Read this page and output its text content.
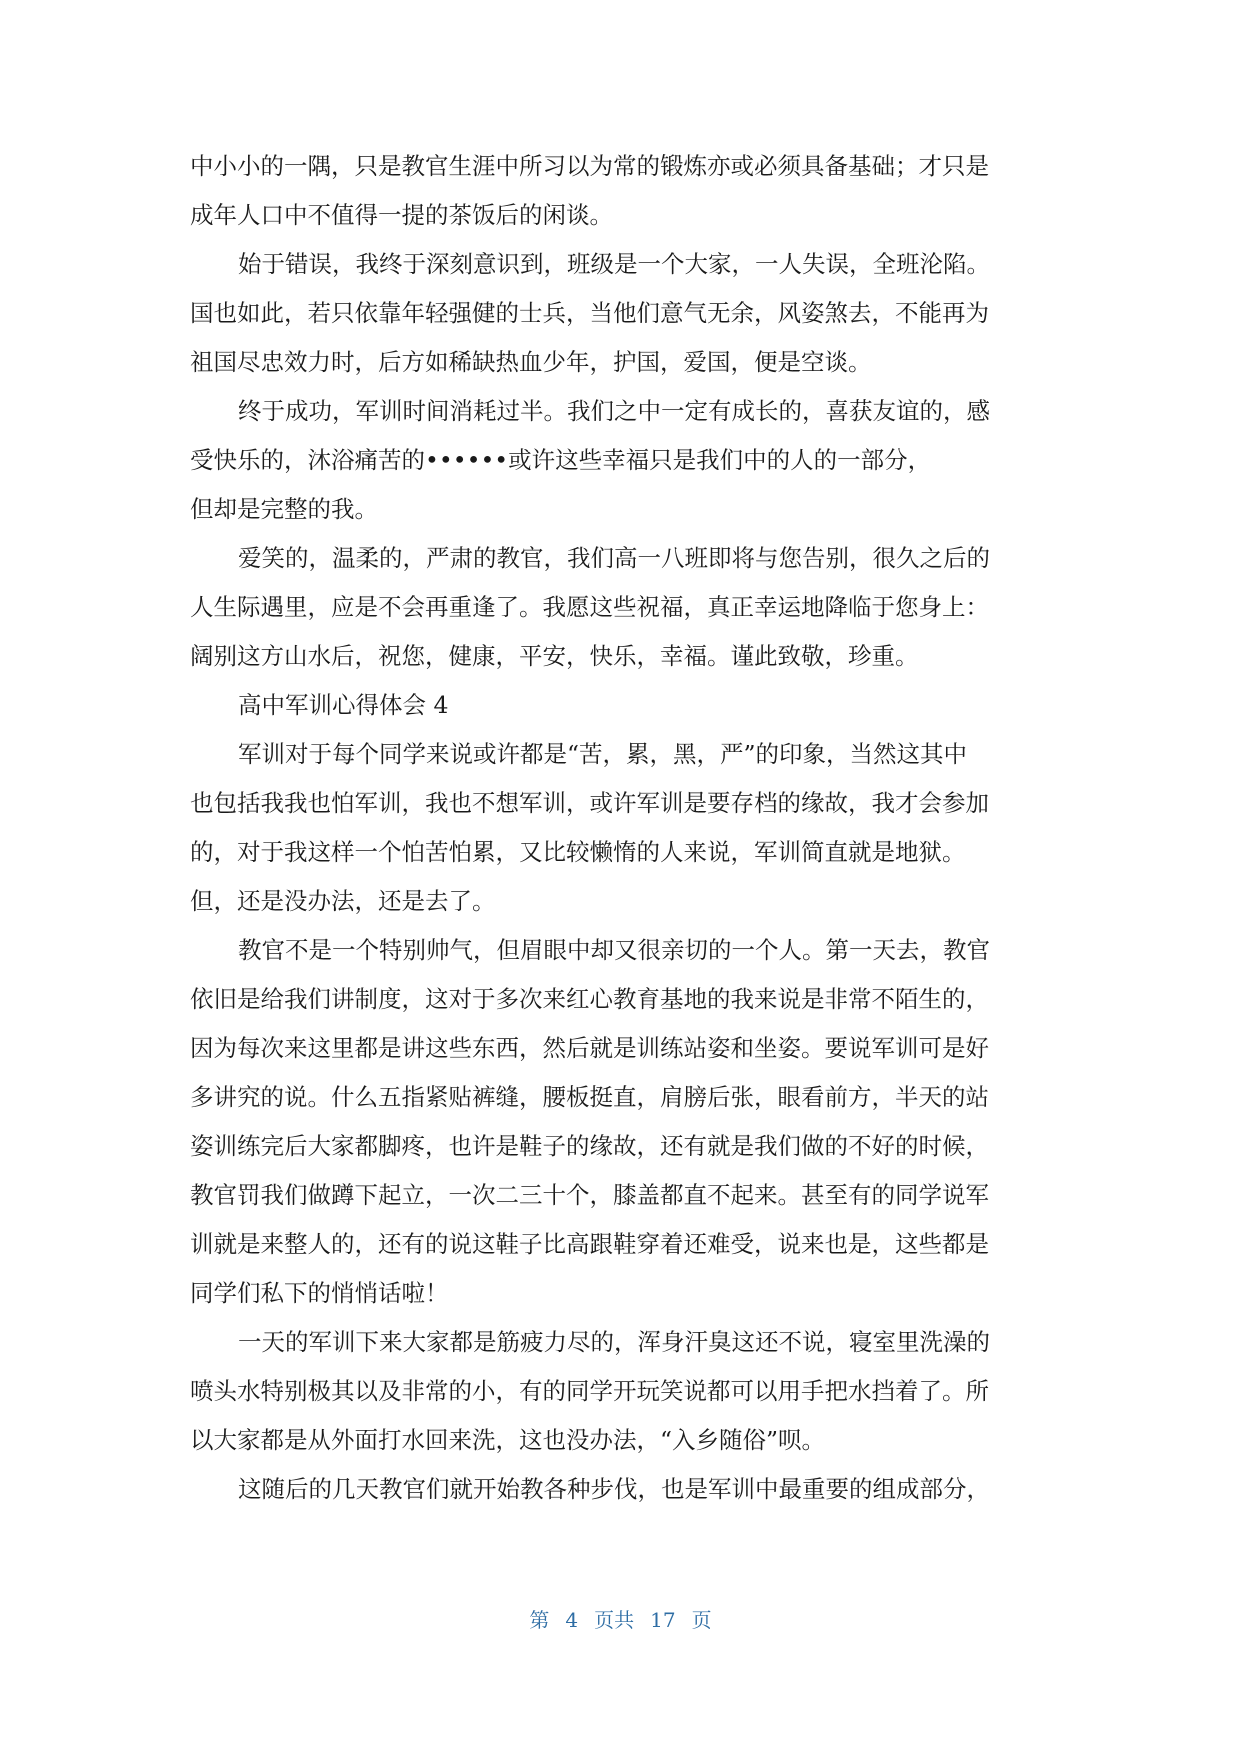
中小小的一隅，只是教官生涯中所习以为常的锻炼亦或必须具备基础；才只是
成年人口中不值得一提的茶饭后的闲谈。
始于错误，我终于深刻意识到，班级是一个大家，一人失误，全班沦陷。
国也如此，若只依靠年轻强健的士兵，当他们意气无余，风姿煞去，不能再为
祖国尽忠效力时，后方如稀缺热血少年，护国，爱国，便是空谈。
终于成功，军训时间消耗过半。我们之中一定有成长的，喜获友谊的，感
受快乐的，沐浴痛苦的••••••或许这些幸福只是我们中的人的一部分，
但却是完整的我。
爱笑的，温柔的，严肃的教官，我们高一八班即将与您告别，很久之后的
人生际遇里，应是不会再重逢了。我愿这些祝福，真正幸运地降临于您身上：
阔别这方山水后，祝您，健康，平安，快乐，幸福。谨此致敬，珍重。
高中军训心得体会 4
军训对于每个同学来说或许都是“苦，累，黑，严”的印象，当然这其中
也包括我我也怕军训，我也不想军训，或许军训是要存档的缘故，我才会参加
的，对于我这样一个怕苦怕累，又比较懒惰的人来说，军训简直就是地狱。
但，还是没办法，还是去了。
教官不是一个特别帅气，但眉眼中却又很亲切的一个人。第一天去，教官
依旧是给我们讲制度，这对于多次来红心教育基地的我来说是非常不陌生的，
因为每次来这里都是讲这些东西，然后就是训练站姿和坐姿。要说军训可是好
多讲究的说。什么五指紧贴裤缝，腰板挺直，肩膀后张，眼看前方，半天的站
姿训练完后大家都脚疼，也许是鞋子的缘故，还有就是我们做的不好的时候，
教官罚我们做蹲下起立，一次二三十个，膝盖都直不起来。甚至有的同学说军
训就是来整人的，还有的说这鞋子比高跟鞋穿着还难受，说来也是，这些都是
同学们私下的悄悄话啦！
一天的军训下来大家都是筋疲力尽的，浑身汗臭这还不说，寝室里洗澡的
喷头水特别极其以及非常的小，有的同学开玩笑说都可以用手把水挡着了。所
以大家都是从外面打水回来洗，这也没办法，“入乡随俗”呗。
这随后的几天教官们就开始教各种步伐，也是军训中最重要的组成部分，
第 4 页共 17 页
